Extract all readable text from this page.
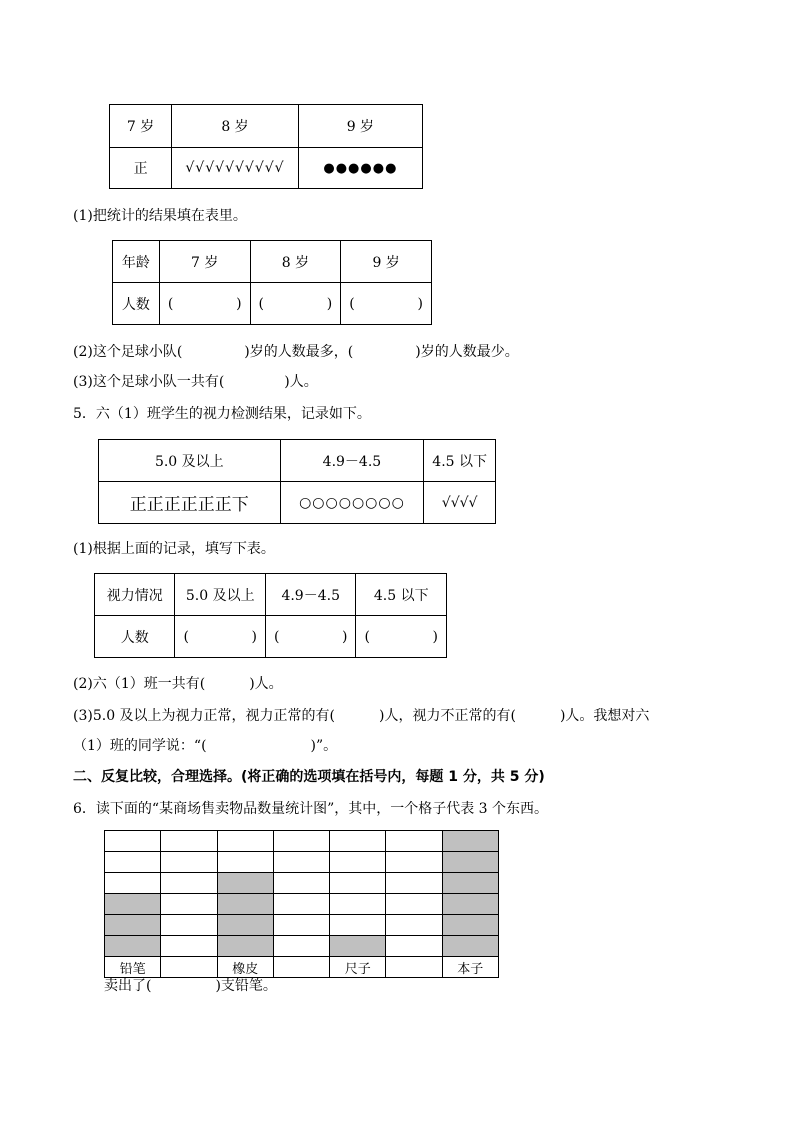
7 岁	8 岁	9 岁
正	√√√√√√√√√√	●●●●●●
(1)把统计的结果填在表里。
年龄	7 岁	8 岁	9 岁
人数	( )	( )	( )
(2)这个足球小队(	)岁的人数最多，(	)岁的人数最少。
(3)这个足球小队一共有(	)人。
5．六（1）班学生的视力检测结果，记录如下。
5.0 及以上	4.9－4.5	4.5 以下
正正正正正正下	○○○○○○○○	√√√√
(1)根据上面的记录，填写下表。
视力情况	5.0 及以上	4.9－4.5	4.5 以下
人数	( )	( )	( )
(2)六（1）班一共有(	)人。
(3)5.0 及以上为视力正常，视力正常的有(	)人，视力不正常的有(	)人。我想对六
（1）班的同学说：“(	)”。
二、反复比较，合理选择。(将正确的选项填在括号内，每题 1 分，共 5 分)
6．读下面的“某商场售卖物品数量统计图”，其中，一个格子代表 3 个东西。

铅笔		橡皮		尺子		本子
卖出了(	)支铅笔。
